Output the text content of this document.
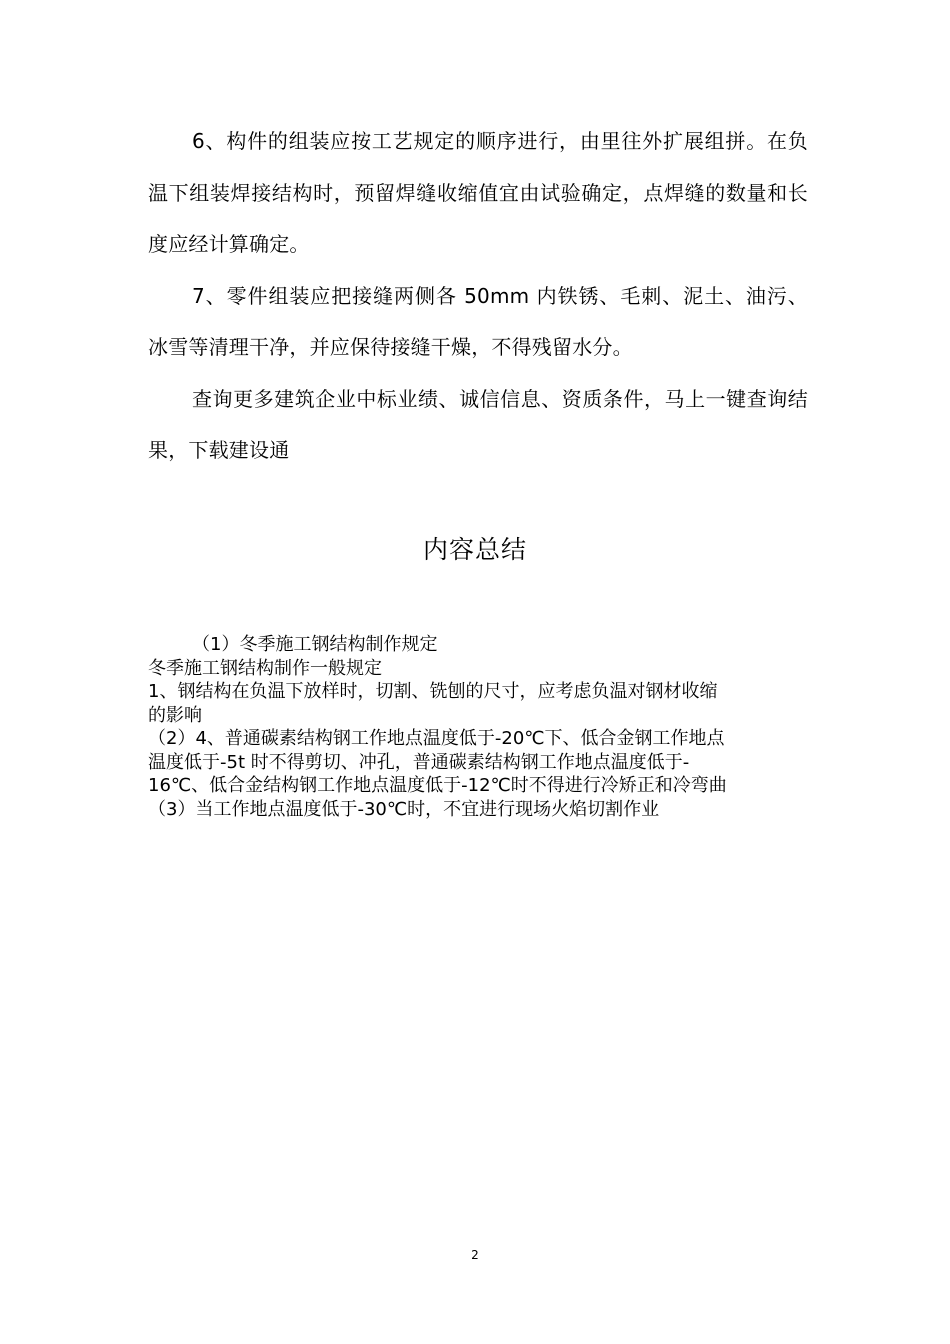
6、构件的组装应按工艺规定的顺序进行，由里往外扩展组拼。在负温下组装焊接结构时，预留焊缝收缩值宜由试验确定，点焊缝的数量和长度应经计算确定。

7、零件组装应把接缝两侧各 50mm 内铁锈、毛刺、泥土、油污、冰雪等清理干净，并应保待接缝干燥，不得残留水分。

查询更多建筑企业中标业绩、诚信信息、资质条件，马上一键查询结果，下载建设通

内容总结
（1）冬季施工钢结构制作规定
冬季施工钢结构制作一般规定
1、钢结构在负温下放样时，切割、铣刨的尺寸，应考虑负温对钢材收缩
的影响
（2）4、普通碳素结构钢工作地点温度低于-20℃下、低合金钢工作地点
温度低于-5t 时不得剪切、冲孔，普通碳素结构钢工作地点温度低于-
16℃、低合金结构钢工作地点温度低于-12℃时不得进行冷矫正和冷弯曲
（3）当工作地点温度低于-30℃时，不宜进行现场火焰切割作业
2
